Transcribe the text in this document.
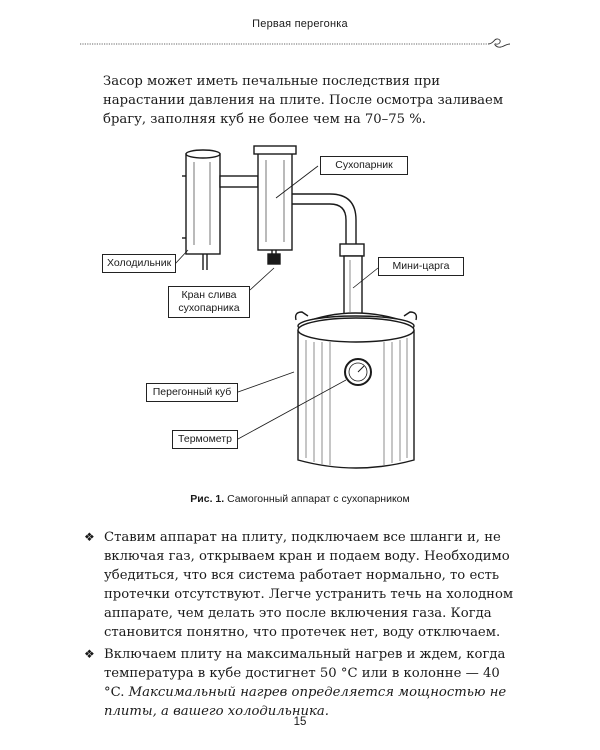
Первая перегонка
Засор может иметь печальные последствия при нарастании давления на плите. После осмотра заливаем брагу, заполняя куб не более чем на 70–75 %.
Сухопарник
Холодильник	Мини-царга
Кран слива
сухопарника
Перегонный куб
Термометр
Рис. 1. Самогонный аппарат с сухопарником
❖ Ставим аппарат на плиту, подключаем все шланги и, не включая газ, открываем кран и подаем воду. Необходимо убедиться, что вся система работает нормально, то есть протечки отсутствуют. Легче устранить течь на холодном аппарате, чем делать это после включения газа. Когда становится понятно, что протечек нет, воду отключаем.
❖ Включаем плиту на максимальный нагрев и ждем, когда температура в кубе достигнет 50 °C или в колонне — 40 °C. Максимальный нагрев определяется мощностью не плиты, а вашего холодильника.
15
